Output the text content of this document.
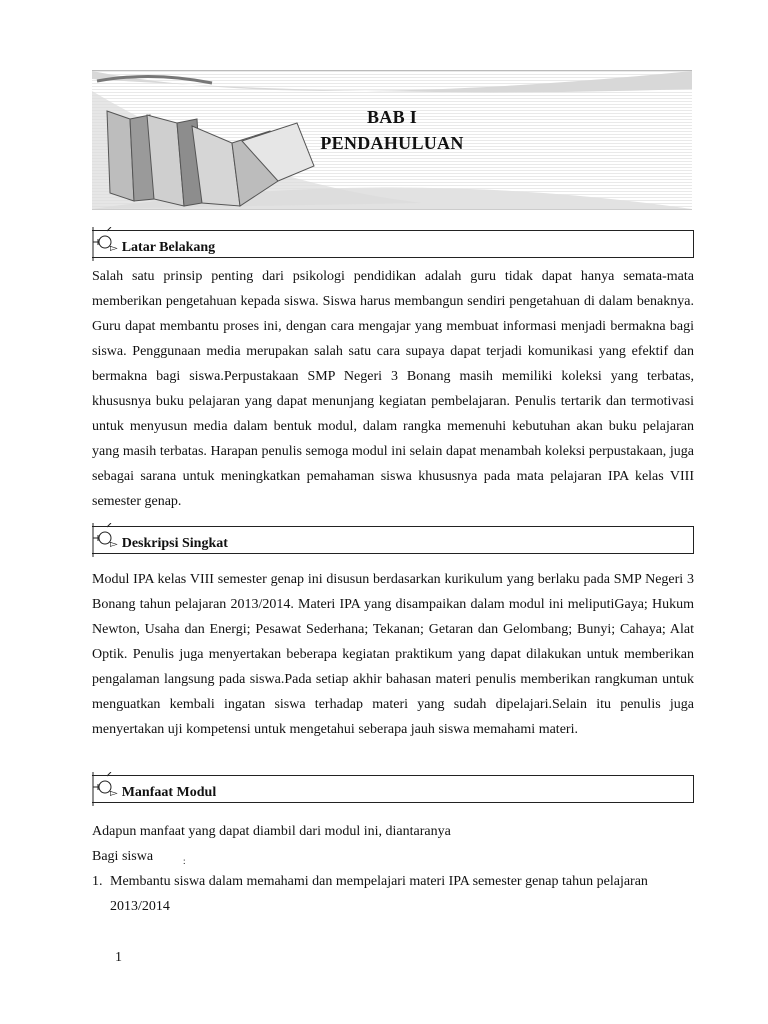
BAB I
PENDAHULUAN
▻ Latar Belakang

Salah satu prinsip penting dari psikologi pendidikan adalah guru tidak dapat hanya semata-mata memberikan pengetahuan kepada siswa. Siswa harus membangun sendiri pengetahuan di dalam benaknya. Guru dapat membantu proses ini, dengan cara mengajar yang membuat informasi menjadi bermakna bagi siswa. Penggunaan media merupakan salah satu cara supaya dapat terjadi komunikasi yang efektif dan bermakna bagi siswa.Perpustakaan SMP Negeri 3 Bonang masih memiliki koleksi yang terbatas, khususnya buku pelajaran yang dapat menunjang kegiatan pembelajaran. Penulis tertarik dan termotivasi untuk menyusun media dalam bentuk modul, dalam rangka memenuhi kebutuhan akan buku pelajaran yang masih terbatas. Harapan penulis semoga modul ini selain dapat menambah koleksi perpustakaan, juga sebagai sarana untuk meningkatkan pemahaman siswa khususnya pada mata pelajaran IPA kelas VIII semester genap.

▻ Deskripsi Singkat

Modul IPA kelas VIII semester genap ini disusun berdasarkan kurikulum yang berlaku pada SMP Negeri 3 Bonang tahun pelajaran 2013/2014. Materi IPA yang disampaikan dalam modul ini meliputiGaya; Hukum Newton, Usaha dan Energi; Pesawat Sederhana; Tekanan; Getaran dan Gelombang; Bunyi; Cahaya; Alat Optik. Penulis juga menyertakan beberapa kegiatan praktikum yang dapat dilakukan untuk memberikan pengalaman langsung pada siswa.Pada setiap akhir bahasan materi penulis memberikan rangkuman untuk menguatkan kembali ingatan siswa terhadap materi yang sudah dipelajari.Selain itu penulis juga menyertakan uji kompetensi untuk mengetahui seberapa jauh siswa memahami materi.

▻ Manfaat Modul
Adapun manfaat yang dapat diambil dari modul ini, diantaranya
Bagi siswa	:
1. Membantu siswa dalam memahami dan mempelajari materi IPA semester genap tahun pelajaran 2013/2014
1
